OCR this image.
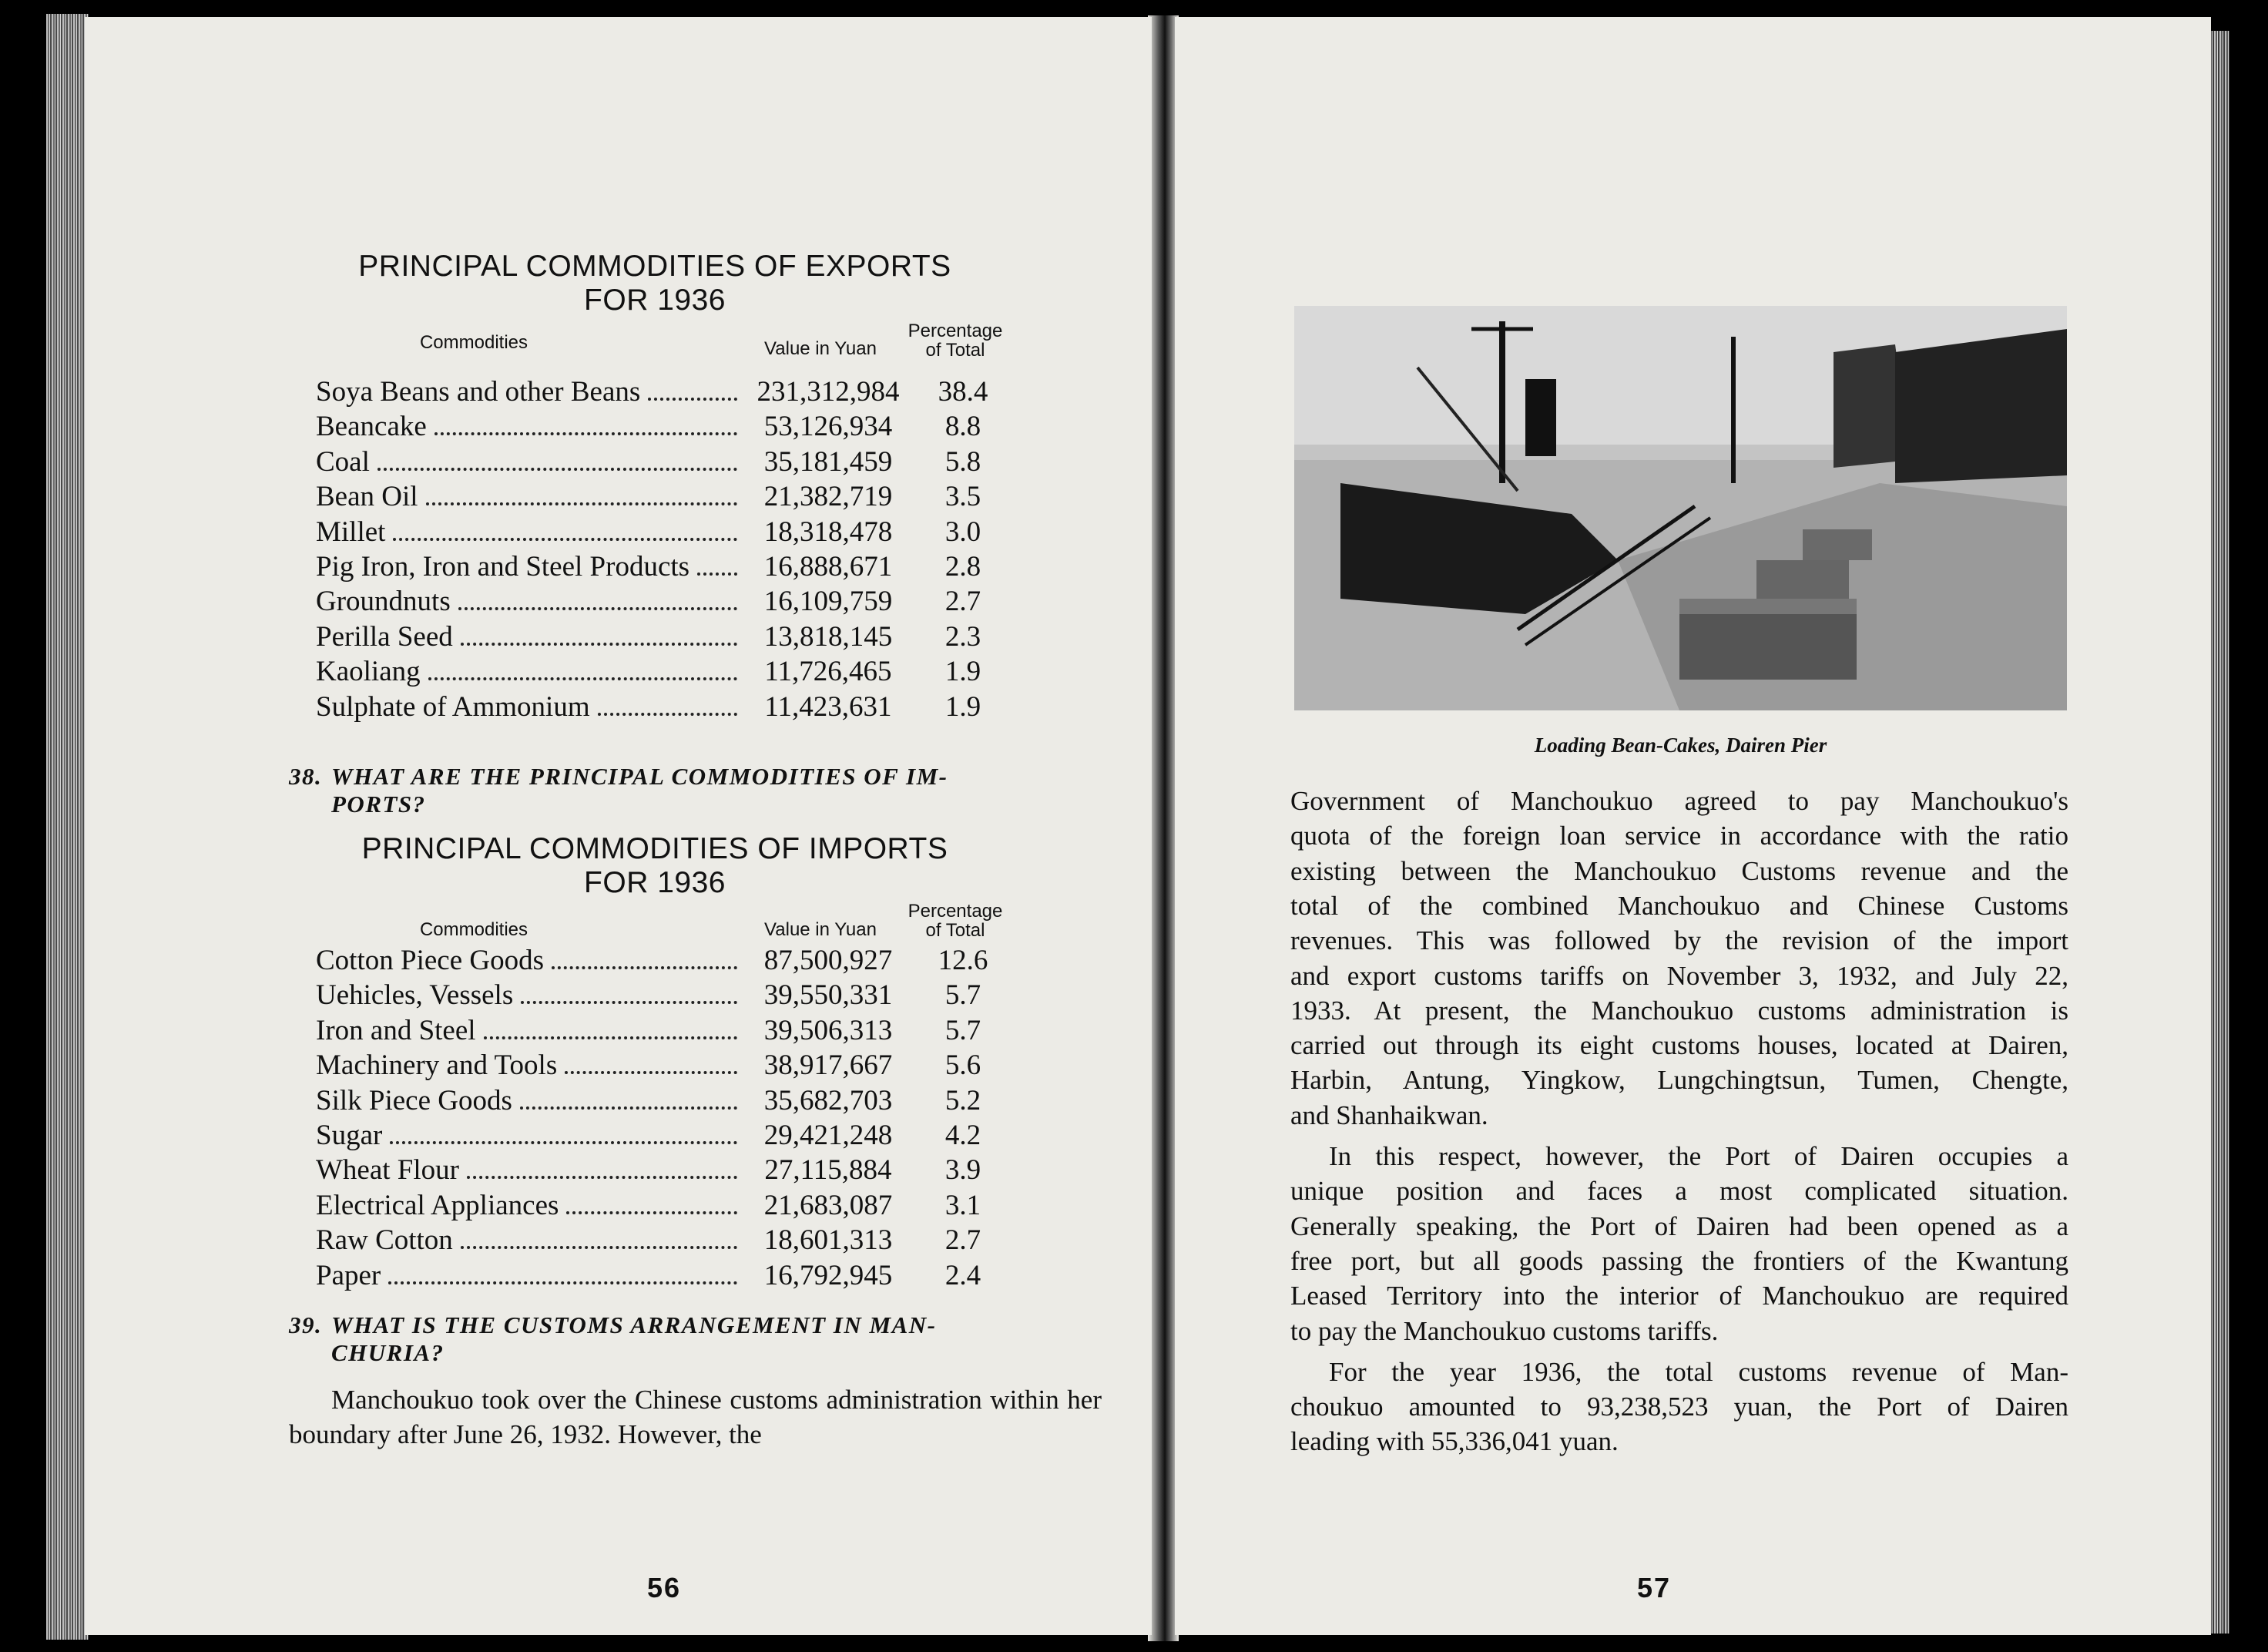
PRINCIPAL COMMODITIES OF EXPORTS
FOR 1936
Commodities	Value in Yuan
Percentage
of Total
Soya Beans and other Beans	231,312,984	38.4
Beancake	53,126,934	8.8
Coal	35,181,459	5.8
Bean Oil	21,382,719	3.5
Millet	18,318,478	3.0
Pig Iron, Iron and Steel Products	16,888,671	2.8
Groundnuts	16,109,759	2.7
Perilla Seed	13,818,145	2.3
Kaoliang	11,726,465	1.9
Sulphate of Ammonium	11,423,631	1.9
38. WHAT ARE THE PRINCIPAL COMMODITIES OF IM-
PORTS?
PRINCIPAL COMMODITIES OF IMPORTS
FOR 1936
Commodities	Value in Yuan
Percentage
of Total
Cotton Piece Goods	87,500,927	12.6
Uehicles, Vessels	39,550,331	5.7
Iron and Steel	39,506,313	5.7
Machinery and Tools	38,917,667	5.6
Silk Piece Goods	35,682,703	5.2
Sugar	29,421,248	4.2
Wheat Flour	27,115,884	3.9
Electrical Appliances	21,683,087	3.1
Raw Cotton	18,601,313	2.7
Paper	16,792,945	2.4
39. WHAT IS THE CUSTOMS ARRANGEMENT IN MAN-
CHURIA?
Manchoukuo took over the Chinese customs administration within her boundary after June 26, 1932. However, the
56
Loading Bean-Cakes, Dairen Pier
Government of Manchoukuo agreed to pay Manchoukuo's
quota of the foreign loan service in accordance with the ratio
existing between the Manchoukuo Customs revenue and the
total of the combined Manchoukuo and Chinese Customs
revenues. This was followed by the revision of the import
and export customs tariffs on November 3, 1932, and July 22,
1933. At present, the Manchoukuo customs administration is
carried out through its eight customs houses, located at Dairen,
Harbin, Antung, Yingkow, Lungchingtsun, Tumen, Chengte,
and Shanhaikwan.
In this respect, however, the Port of Dairen occupies a
unique position and faces a most complicated situation.
Generally speaking, the Port of Dairen had been opened as a
free port, but all goods passing the frontiers of the Kwantung
Leased Territory into the interior of Manchoukuo are required
to pay the Manchoukuo customs tariffs.
For the year 1936, the total customs revenue of Man-
choukuo amounted to 93,238,523 yuan, the Port of Dairen
leading with 55,336,041 yuan.
57
